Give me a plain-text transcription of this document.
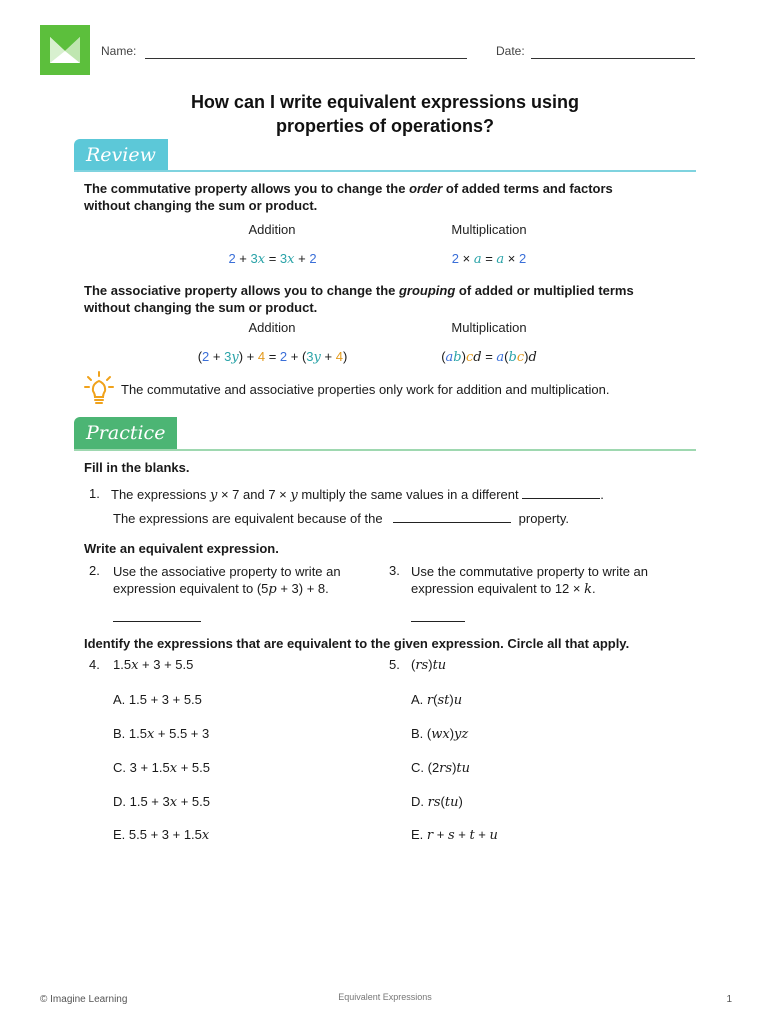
Name:	Date:
How can I write equivalent expressions using
properties of operations?
Review
The commutative property allows you to change the order of added terms and factors
without changing the sum or product.
Addition	Multiplication
2 + 3x = 3x + 2	2 × a = a × 2
The associative property allows you to change the grouping of added or multiplied terms
without changing the sum or product.
Addition	Multiplication
(2 + 3y) + 4 = 2 + (3y + 4)	(ab)cd = a(bc)d
The commutative and associative properties only work for addition and multiplication.
Practice
Fill in the blanks.
1. The expressions y × 7 and 7 × y multiply the same values in a different	.
The expressions are equivalent because of the	property.
Write an equivalent expression.
2. Use the associative property to write an
expression equivalent to (5p + 3) + 8.
3. Use the commutative property to write an
expression equivalent to 12 × k.
Identify the expressions that are equivalent to the given expression. Circle all that apply.
4. 1.5x + 3 + 5.5
A. 1.5 + 3 + 5.5
B. 1.5x + 5.5 + 3
C. 3 + 1.5x + 5.5
D. 1.5 + 3x + 5.5
E. 5.5 + 3 + 1.5x
5. (rs)tu
A. r(st)u
B. (wx)yz
C. (2rs)tu
D. rs(tu)
E. r + s + t + u
© Imagine Learning	Equivalent Expressions	1
